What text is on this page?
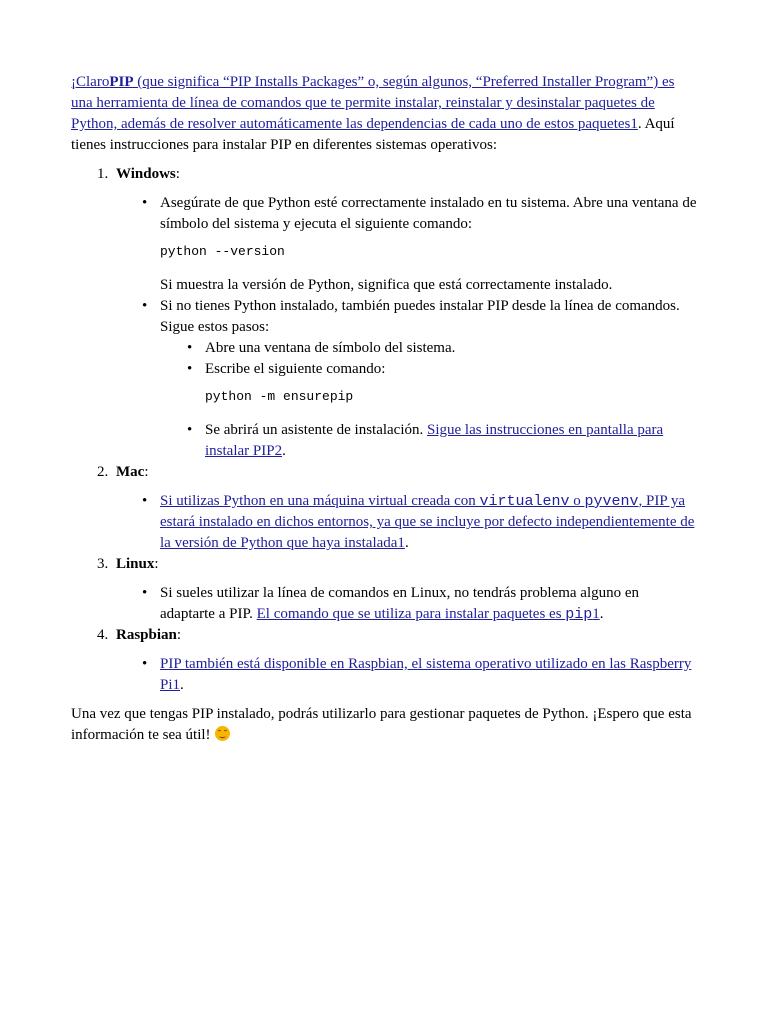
¡ClaroPIP (que significa “PIP Installs Packages” o, según algunos, “Preferred Installer Program”) es una herramienta de línea de comandos que te permite instalar, reinstalar y desinstalar paquetes de Python, además de resolver automáticamente las dependencias de cada uno de estos paquetes1. Aquí tienes instrucciones para instalar PIP en diferentes sistemas operativos:

1. Windows:
• Asegúrate de que Python esté correctamente instalado en tu sistema. Abre una ventana de símbolo del sistema y ejecuta el siguiente comando:

python --version

Si muestra la versión de Python, significa que está correctamente instalado.

• Si no tienes Python instalado, también puedes instalar PIP desde la línea de comandos. Sigue estos pasos:

• Abre una ventana de símbolo del sistema.
• Escribe el siguiente comando:
python -m ensurepip
• Se abrirá un asistente de instalación. Sigue las instrucciones en pantalla para instalar PIP2.
2. Mac:
• Si utilizas Python en una máquina virtual creada con virtualenv o pyvenv, PIP ya estará instalado en dichos entornos, ya que se incluye por defecto independientemente de la versión de Python que haya instalada1.
3. Linux:
• Si sueles utilizar la línea de comandos en Linux, no tendrás problema alguno en adaptarte a PIP. El comando que se utiliza para instalar paquetes es pip1.
4. Raspbian:
• PIP también está disponible en Raspbian, el sistema operativo utilizado en las Raspberry Pi1.

Una vez que tengas PIP instalado, podrás utilizarlo para gestionar paquetes de Python. ¡Espero que esta información te sea útil!
